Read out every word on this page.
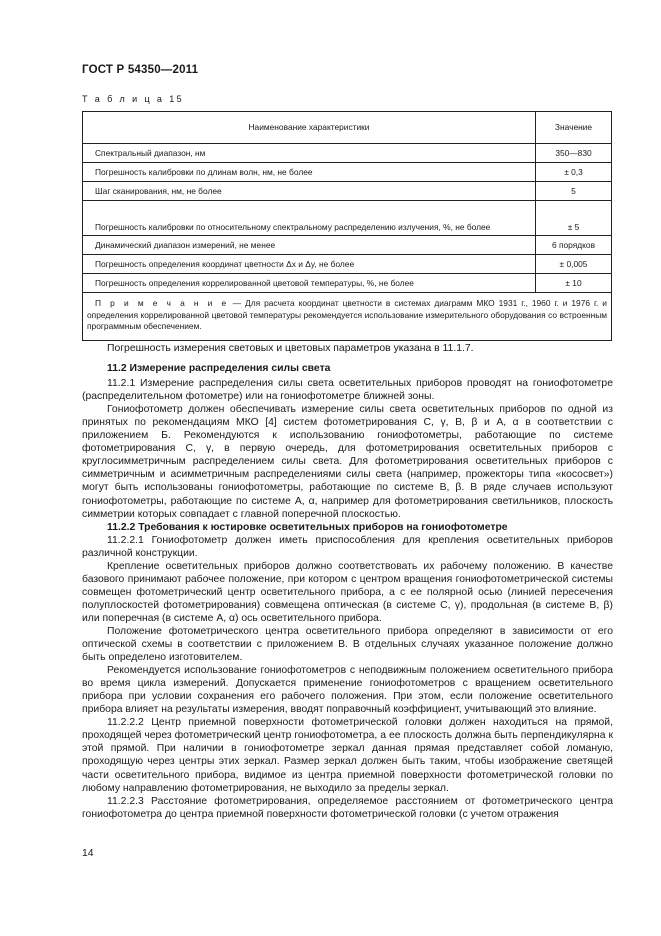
ГОСТ Р 54350—2011
Т а б л и ц а 15
Наименование характеристики	Значение
Спектральный диапазон, нм	350—830
Погрешность калибровки по длинам волн, нм, не более	± 0,3
Шаг сканирования, нм, не более	5
Погрешность калибровки по относительному спектральному распределению излучения, %, не более	± 5
Динамический диапазон измерений, не менее	6 порядков
Погрешность определения координат цветности Δx и Δy, не более	± 0,005
Погрешность определения коррелированной цветовой температуры, %, не более	± 10
П р и м е ч а н и е — Для расчета координат цветности в системах диаграмм МКО 1931 г., 1960 г. и 1976 г. и определения коррелированной цветовой температуры рекомендуется использование измерительного оборудования со встроенным программным обеспечением.	

Погрешность измерения световых и цветовых параметров указана в 11.1.7.

11.2 Измерение распределения силы света

11.2.1 Измерение распределения силы света осветительных приборов проводят на гониофотометре (распределительном фотометре) или на гониофотометре ближней зоны.

Гониофотометр должен обеспечивать измерение силы света осветительных приборов по одной из принятых по рекомендациям МКО [4] систем фотометрирования C, γ, B, β и A, α в соответствии с приложением Б. Рекомендуются к использованию гониофотометры, работающие по системе фотометрирования C, γ, в первую очередь, для фотометрирования осветительных приборов с круглосимметричным распределением силы света. Для фотометрирования осветительных приборов с симметричным и асимметричным распределениями силы света (например, прожекторы типа «кососвет») могут быть использованы гониофотометры, работающие по системе B, β. В ряде случаев используют гониофотометры, работающие по системе A, α, например для фотометрирования светильников, плоскость симметрии которых совпадает с главной поперечной плоскостью.

11.2.2 Требования к юстировке осветительных приборов на гониофотометре

11.2.2.1 Гониофотометр должен иметь приспособления для крепления осветительных приборов различной конструкции.

Крепление осветительных приборов должно соответствовать их рабочему положению. В качестве базового принимают рабочее положение, при котором с центром вращения гониофотометрической системы совмещен фотометрический центр осветительного прибора, а с ее полярной осью (линией пересечения полуплоскостей фотометрирования) совмещена оптическая (в системе C, γ), продольная (в системе B, β) или поперечная (в системе A, α) ось осветительного прибора.

Положение фотометрического центра осветительного прибора определяют в зависимости от его оптической схемы в соответствии с приложением В. В отдельных случаях указанное положение должно быть определено изготовителем.

Рекомендуется использование гониофотометров с неподвижным положением осветительного прибора во время цикла измерений. Допускается применение гониофотометров с вращением осветительного прибора при условии сохранения его рабочего положения. При этом, если положение осветительного прибора влияет на результаты измерения, вводят поправочный коэффициент, учитывающий это влияние.

11.2.2.2 Центр приемной поверхности фотометрической головки должен находиться на прямой, проходящей через фотометрический центр гониофотометра, а ее плоскость должна быть перпендикулярна к этой прямой. При наличии в гониофотометре зеркал данная прямая представляет собой ломаную, проходящую через центры этих зеркал. Размер зеркал должен быть таким, чтобы изображение светящей части осветительного прибора, видимое из центра приемной поверхности фотометрической головки по любому направлению фотометрирования, не выходило за пределы зеркал.

11.2.2.3 Расстояние фотометрирования, определяемое расстоянием от фотометрического центра гониофотометра до центра приемной поверхности фотометрической головки (с учетом отражения

14
